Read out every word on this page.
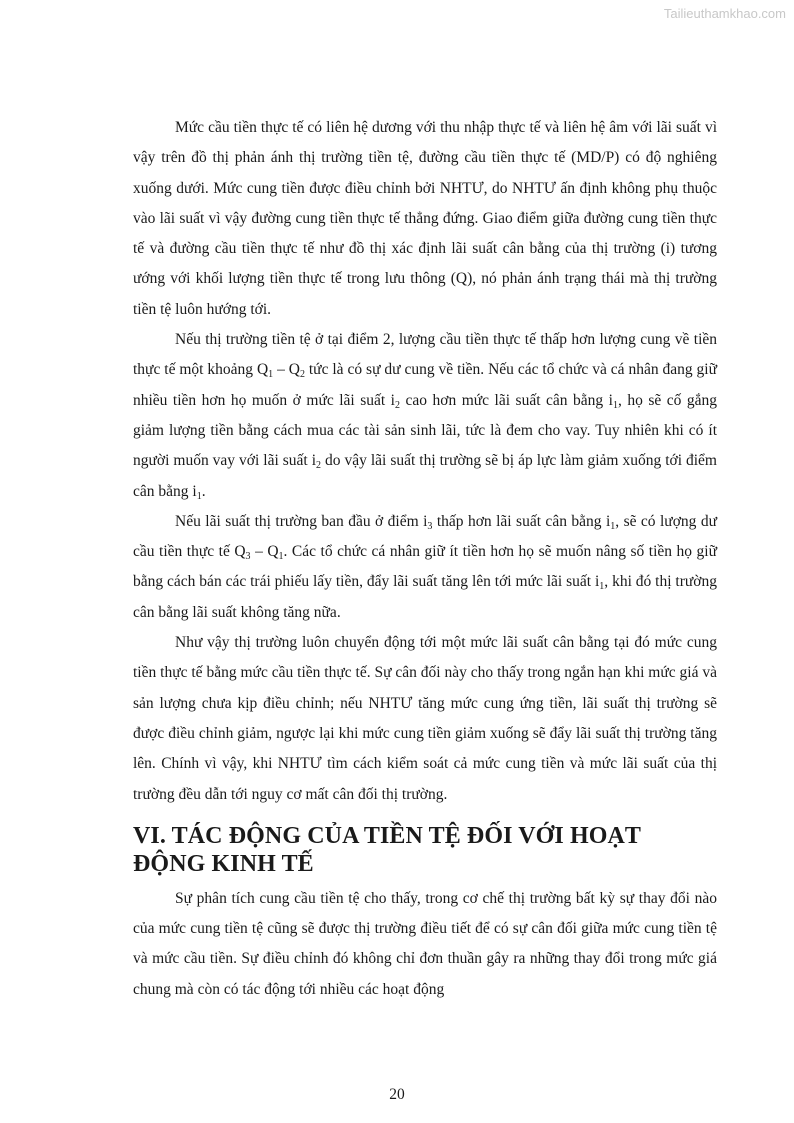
Tailieuthamkhao.com

Mức cầu tiền thực tế có liên hệ dương với thu nhập thực tế và liên hệ âm với lãi suất vì vậy trên đồ thị phản ánh thị trường tiền tệ, đường cầu tiền thực tế (MD/P) có độ nghiêng xuống dưới. Mức cung tiền được điều chỉnh bởi NHTƯ, do NHTƯ ấn định không phụ thuộc vào lãi suất vì vậy đường cung tiền thực tế thẳng đứng. Giao điểm giữa đường cung tiền thực tế và đường cầu tiền thực tế như đồ thị xác định lãi suất cân bằng của thị trường (i) tương ướng với khối lượng tiền thực tế trong lưu thông (Q), nó phản ánh trạng thái mà thị trường tiền tệ luôn hướng tới.

Nếu thị trường tiền tệ ở tại điểm 2, lượng cầu tiền thực tế thấp hơn lượng cung về tiền thực tế một khoảng $Q_1 - Q_2$ tức là có sự dư cung về tiền. Nếu các tổ chức và cá nhân đang giữ nhiều tiền hơn họ muốn ở mức lãi suất $i_2$ cao hơn mức lãi suất cân bằng $i_1$, họ sẽ cố gắng giảm lượng tiền bằng cách mua các tài sản sinh lãi, tức là đem cho vay. Tuy nhiên khi có ít người muốn vay với lãi suất $i_2$ do vậy lãi suất thị trường sẽ bị áp lực làm giảm xuống tới điểm cân bằng $i_1$.

Nếu lãi suất thị trường ban đầu ở điểm $i_3$ thấp hơn lãi suất cân bằng $i_1$, sẽ có lượng dư cầu tiền thực tế $Q_3 - Q_1$. Các tổ chức cá nhân giữ ít tiền hơn họ sẽ muốn nâng số tiền họ giữ bằng cách bán các trái phiếu lấy tiền, đẩy lãi suất tăng lên tới mức lãi suất $i_1$, khi đó thị trường cân bằng lãi suất không tăng nữa.

Như vậy thị trường luôn chuyển động tới một mức lãi suất cân bằng tại đó mức cung tiền thực tế bằng mức cầu tiền thực tế. Sự cân đối này cho thấy trong ngắn hạn khi mức giá và sản lượng chưa kịp điều chỉnh; nếu NHTƯ tăng mức cung ứng tiền, lãi suất thị trường sẽ được điều chỉnh giảm, ngược lại khi mức cung tiền giảm xuống sẽ đẩy lãi suất thị trường tăng lên. Chính vì vậy, khi NHTƯ tìm cách kiểm soát cả mức cung tiền và mức lãi suất của thị trường đều dẫn tới nguy cơ mất cân đối thị trường.

VI. TÁC ĐỘNG CỦA TIỀN TỆ ĐỐI VỚI HOẠT ĐỘNG KINH TẾ

Sự phân tích cung cầu tiền tệ cho thấy, trong cơ chế thị trường bất kỳ sự thay đổi nào của mức cung tiền tệ cũng sẽ được thị trường điều tiết để có sự cân đối giữa mức cung tiền tệ và mức cầu tiền. Sự điều chỉnh đó không chỉ đơn thuần gây ra những thay đổi trong mức giá chung mà còn có tác động tới nhiều các hoạt động

20
